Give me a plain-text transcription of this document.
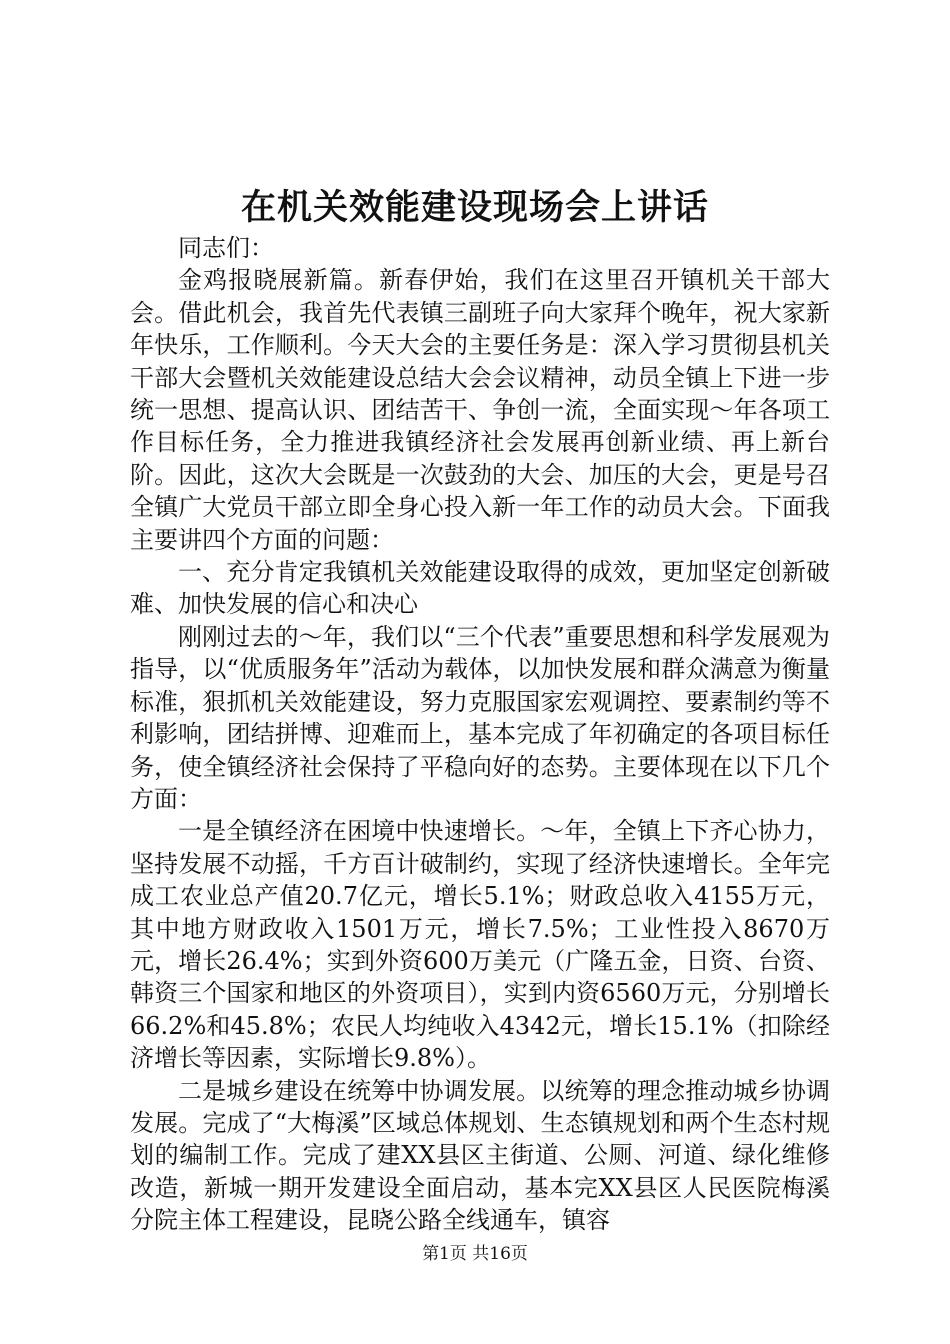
在机关效能建设现场会上讲话

同志们：

金鸡报晓展新篇。新春伊始，我们在这里召开镇机关干部大会。借此机会，我首先代表镇三副班子向大家拜个晚年，祝大家新年快乐，工作顺利。今天大会的主要任务是：深入学习贯彻县机关干部大会暨机关效能建设总结大会会议精神，动员全镇上下进一步统一思想、提高认识、团结苦干、争创一流，全面实现～年各项工作目标任务，全力推进我镇经济社会发展再创新业绩、再上新台阶。因此，这次大会既是一次鼓劲的大会、加压的大会，更是号召全镇广大党员干部立即全身心投入新一年工作的动员大会。下面我主要讲四个方面的问题：

一、充分肯定我镇机关效能建设取得的成效，更加坚定创新破难、加快发展的信心和决心

刚刚过去的～年，我们以“三个代表”重要思想和科学发展观为指导，以“优质服务年”活动为载体，以加快发展和群众满意为衡量标准，狠抓机关效能建设，努力克服国家宏观调控、要素制约等不利影响，团结拼博、迎难而上，基本完成了年初确定的各项目标任务，使全镇经济社会保持了平稳向好的态势。主要体现在以下几个方面：

一是全镇经济在困境中快速增长。～年，全镇上下齐心协力，坚持发展不动摇，千方百计破制约，实现了经济快速增长。全年完成工农业总产值20.7亿元，增长5.1%；财政总收入4155万元，其中地方财政收入1501万元，增长7.5%；工业性投入8670万元，增长26.4%；实到外资600万美元（广隆五金，日资、台资、韩资三个国家和地区的外资项目），实到内资6560万元，分别增长66.2%和45.8%；农民人均纯收入4342元，增长15.1%（扣除经济增长等因素，实际增长9.8%）。

二是城乡建设在统筹中协调发展。以统筹的理念推动城乡协调发展。完成了“大梅溪”区域总体规划、生态镇规划和两个生态村规划的编制工作。完成了建XX县区主街道、公厕、河道、绿化维修改造，新城一期开发建设全面启动，基本完XX县区人民医院梅溪分院主体工程建设，昆晓公路全线通车，镇容

第1页 共16页
